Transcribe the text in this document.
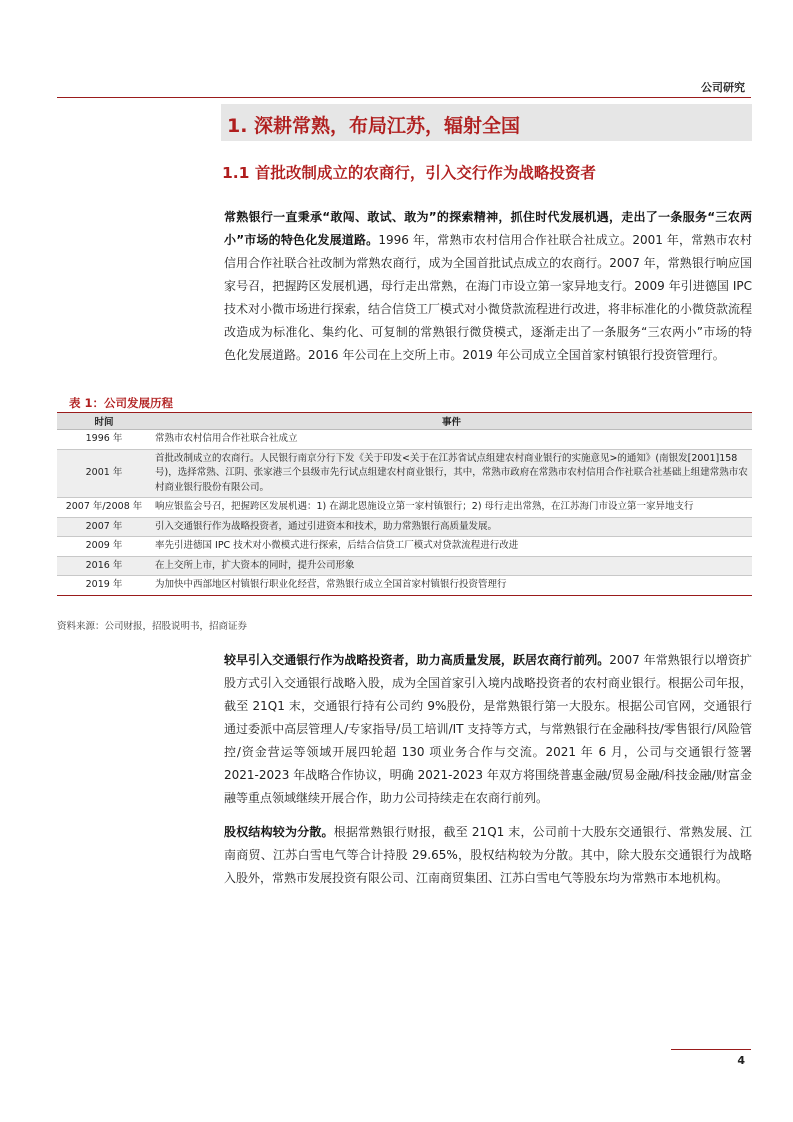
公司研究
1. 深耕常熟，布局江苏，辐射全国
1.1 首批改制成立的农商行，引入交行作为战略投资者
常熟银行一直秉承“敢闯、敢试、敢为”的探索精神，抓住时代发展机遇，走出了一条服务“三农两小”市场的特色化发展道路。1996 年，常熟市农村信用合作社联合社成立。2001 年，常熟市农村信用合作社联合社改制为常熟农商行，成为全国首批试点成立的农商行。2007 年，常熟银行响应国家号召，把握跨区发展机遇，母行走出常熟，在海门市设立第一家异地支行。2009 年引进德国 IPC 技术对小微市场进行探索，结合信贷工厂模式对小微贷款流程进行改进，将非标准化的小微贷款流程改造成为标准化、集约化、可复制的常熟银行微贷模式，逐渐走出了一条服务“三农两小”市场的特色化发展道路。2016 年公司在上交所上市。2019 年公司成立全国首家村镇银行投资管理行。
表 1：公司发展历程
时间	事件
1996 年	常熟市农村信用合作社联合社成立
2001 年	首批改制成立的农商行。人民银行南京分行下发《关于印发<关于在江苏省试点组建农村商业银行的实施意见>的通知》(南银发[2001]158 号)，选择常熟、江阴、张家港三个县级市先行试点组建农村商业银行，其中，常熟市政府在常熟市农村信用合作社联合社基础上组建常熟市农村商业银行股份有限公司。
2007 年/2008 年	响应银监会号召，把握跨区发展机遇：1) 在湖北恩施设立第一家村镇银行；2) 母行走出常熟，在江苏海门市设立第一家异地支行
2007 年	引入交通银行作为战略投资者，通过引进资本和技术，助力常熟银行高质量发展。
2009 年	率先引进德国 IPC 技术对小微模式进行探索，后结合信贷工厂模式对贷款流程进行改进
2016 年	在上交所上市，扩大资本的同时，提升公司形象
2019 年	为加快中西部地区村镇银行职业化经营，常熟银行成立全国首家村镇银行投资管理行
资料来源：公司财报，招股说明书，招商证券
较早引入交通银行作为战略投资者，助力高质量发展，跃居农商行前列。2007 年常熟银行以增资扩股方式引入交通银行战略入股，成为全国首家引入境内战略投资者的农村商业银行。根据公司年报，截至 21Q1 末，交通银行持有公司约 9%股份，是常熟银行第一大股东。根据公司官网，交通银行通过委派中高层管理人/专家指导/员工培训/IT 支持等方式，与常熟银行在金融科技/零售银行/风险管控/资金营运等领域开展四轮超 130 项业务合作与交流。2021 年 6 月，公司与交通银行签署 2021-2023 年战略合作协议，明确 2021-2023 年双方将围绕普惠金融/贸易金融/科技金融/财富金融等重点领域继续开展合作，助力公司持续走在农商行前列。
股权结构较为分散。根据常熟银行财报，截至 21Q1 末，公司前十大股东交通银行、常熟发展、江南商贸、江苏白雪电气等合计持股 29.65%，股权结构较为分散。其中，除大股东交通银行为战略入股外，常熟市发展投资有限公司、江南商贸集团、江苏白雪电气等股东均为常熟市本地机构。
4
